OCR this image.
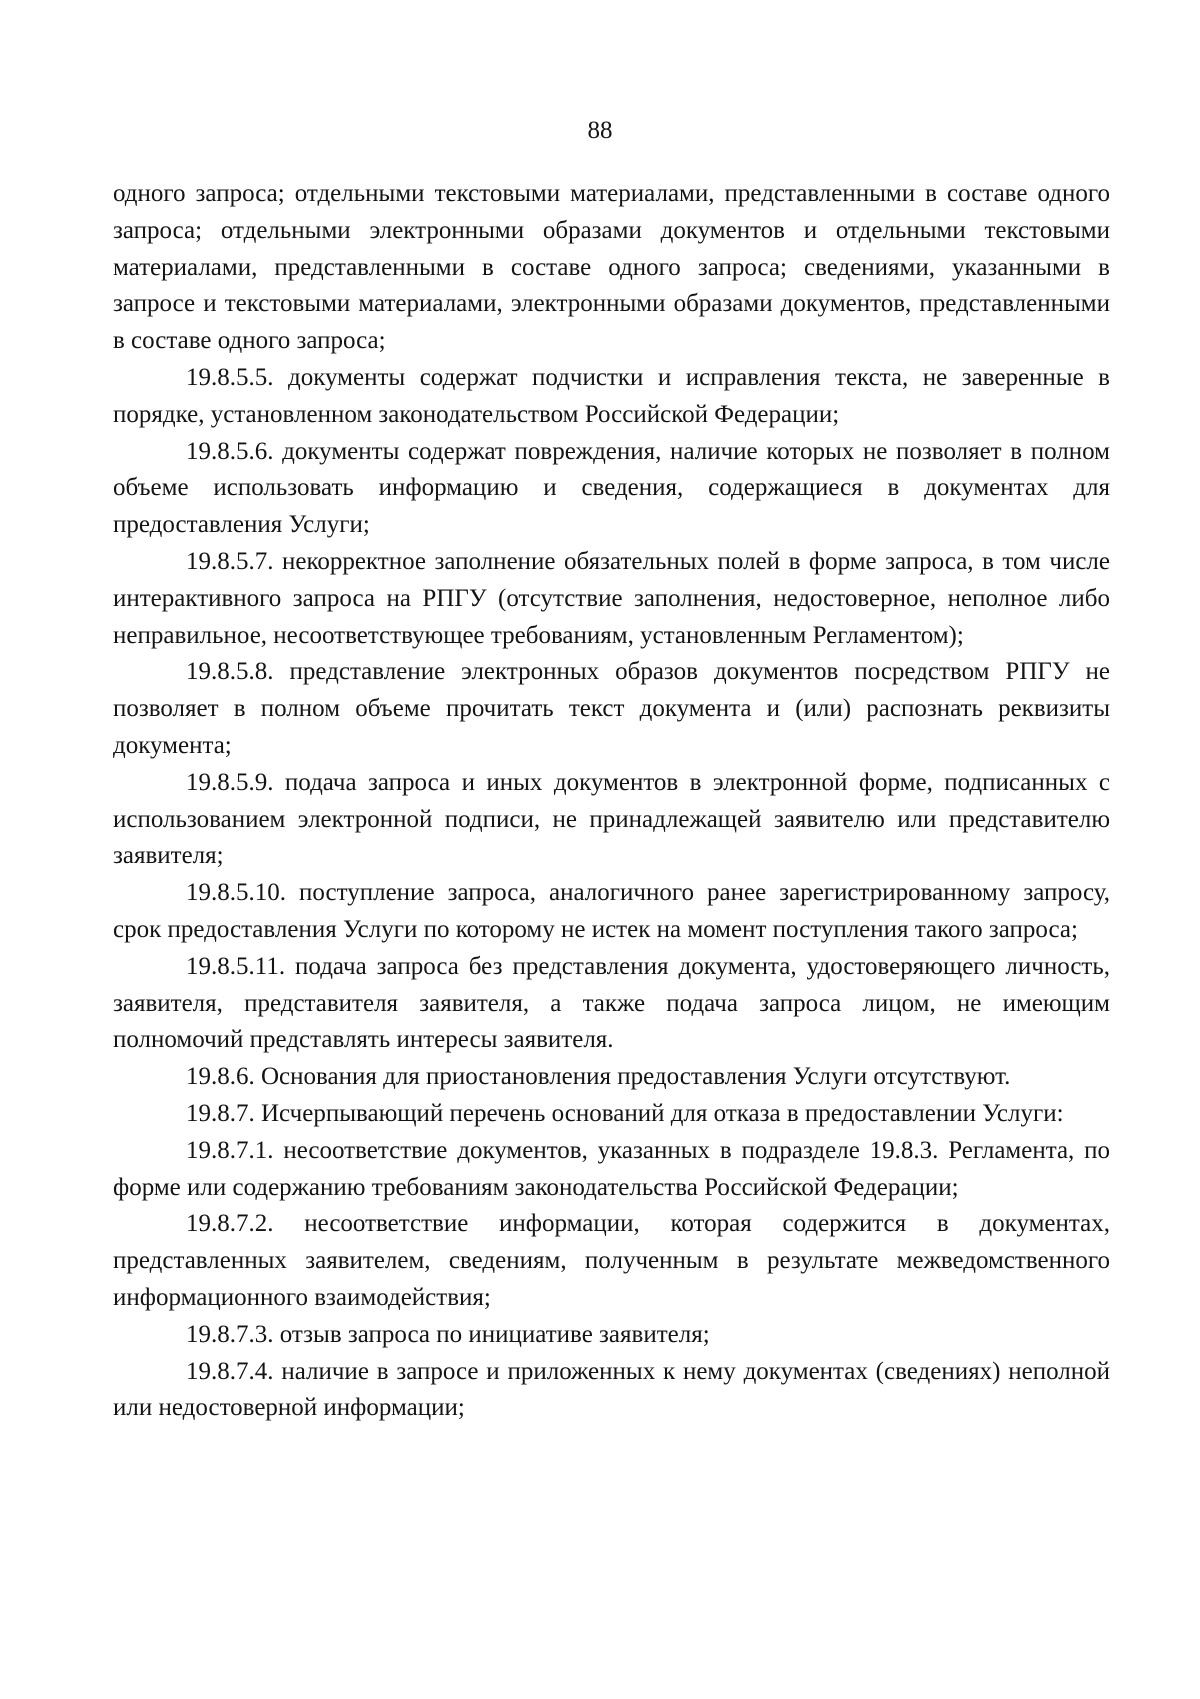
88

одного запроса; отдельными текстовыми материалами, представленными в составе одного запроса; отдельными электронными образами документов и отдельными текстовыми материалами, представленными в составе одного запроса; сведениями, указанными в запросе и текстовыми материалами, электронными образами документов, представленными в составе одного запроса;

19.8.5.5. документы содержат подчистки и исправления текста, не заверенные в порядке, установленном законодательством Российской Федерации;

19.8.5.6. документы содержат повреждения, наличие которых не позволяет в полном объеме использовать информацию и сведения, содержащиеся в документах для предоставления Услуги;

19.8.5.7. некорректное заполнение обязательных полей в форме запроса, в том числе интерактивного запроса на РПГУ (отсутствие заполнения, недостоверное, неполное либо неправильное, несоответствующее требованиям, установленным Регламентом);

19.8.5.8. представление электронных образов документов посредством РПГУ не позволяет в полном объеме прочитать текст документа и (или) распознать реквизиты документа;

19.8.5.9. подача запроса и иных документов в электронной форме, подписанных с использованием электронной подписи, не принадлежащей заявителю или представителю заявителя;

19.8.5.10. поступление запроса, аналогичного ранее зарегистрированному запросу, срок предоставления Услуги по которому не истек на момент поступления такого запроса;

19.8.5.11. подача запроса без представления документа, удостоверяющего личность, заявителя, представителя заявителя, а также подача запроса лицом, не имеющим полномочий представлять интересы заявителя.

19.8.6. Основания для приостановления предоставления Услуги отсутствуют.

19.8.7. Исчерпывающий перечень оснований для отказа в предоставлении Услуги:

19.8.7.1. несоответствие документов, указанных в подразделе 19.8.3. Регламента, по форме или содержанию требованиям законодательства Российской Федерации;

19.8.7.2. несоответствие информации, которая содержится в документах, представленных заявителем, сведениям, полученным в результате межведомственного информационного взаимодействия;

19.8.7.3. отзыв запроса по инициативе заявителя;

19.8.7.4. наличие в запросе и приложенных к нему документах (сведениях) неполной или недостоверной информации;
